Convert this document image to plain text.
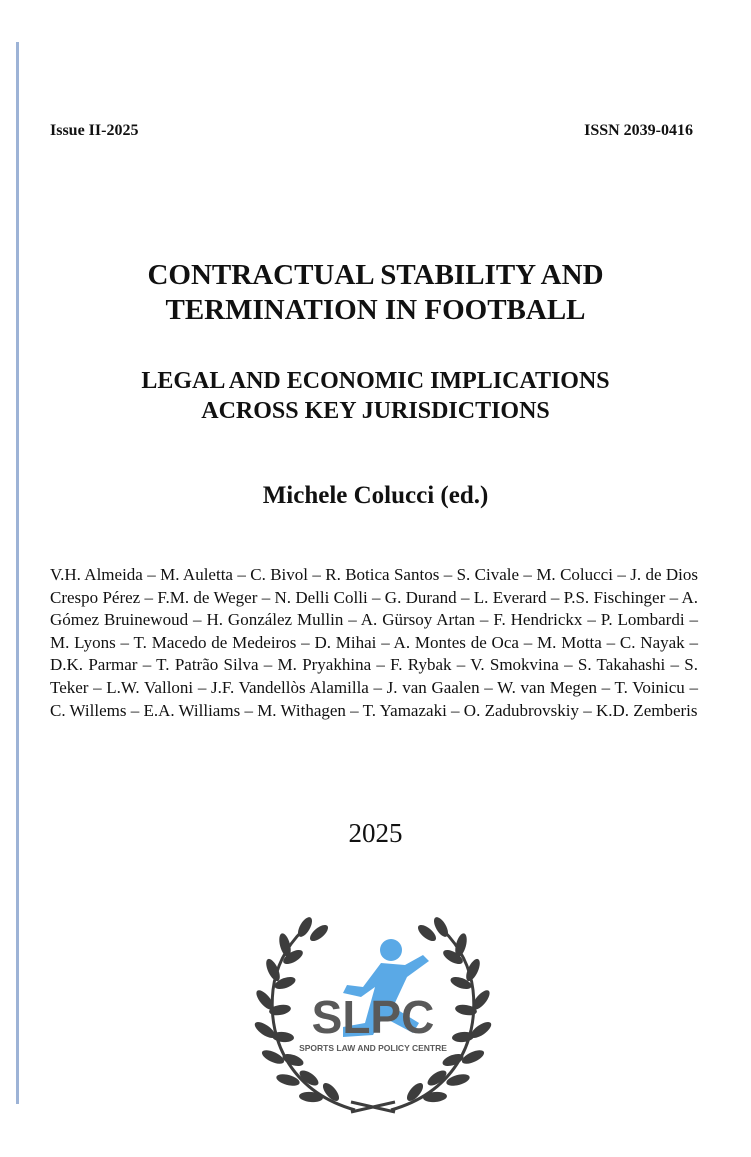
Issue II-2025	ISSN 2039-0416
CONTRACTUAL STABILITY AND
TERMINATION IN FOOTBALL
LEGAL AND ECONOMIC IMPLICATIONS
ACROSS KEY JURISDICTIONS
Michele Colucci (ed.)
V.H. Almeida – M. Auletta – C. Bivol – R. Botica Santos – S. Civale – M. Colucci – J. de Dios Crespo Pérez – F.M. de Weger – N. Delli Colli – G. Durand – L. Everard – P.S. Fischinger – A. Gómez Bruinewoud – H. González Mullin – A. Gürsoy Artan – F. Hendrickx – P. Lombardi – M. Lyons – T. Macedo de Medeiros – D. Mihai – A. Montes de Oca – M. Motta – C. Nayak – D.K. Parmar – T. Patrão Silva – M. Pryakhina – F. Rybak – V. Smokvina – S. Takahashi – S. Teker – L.W. Valloni – J.F. Vandellòs Alamilla – J. van Gaalen – W. van Megen – T. Voinicu – C. Willems – E.A. Williams – M. Withagen – T. Yamazaki – O. Zadubrovskiy – K.D. Zemberis
2025
SLPC
SPORTS LAW AND POLICY CENTRE
